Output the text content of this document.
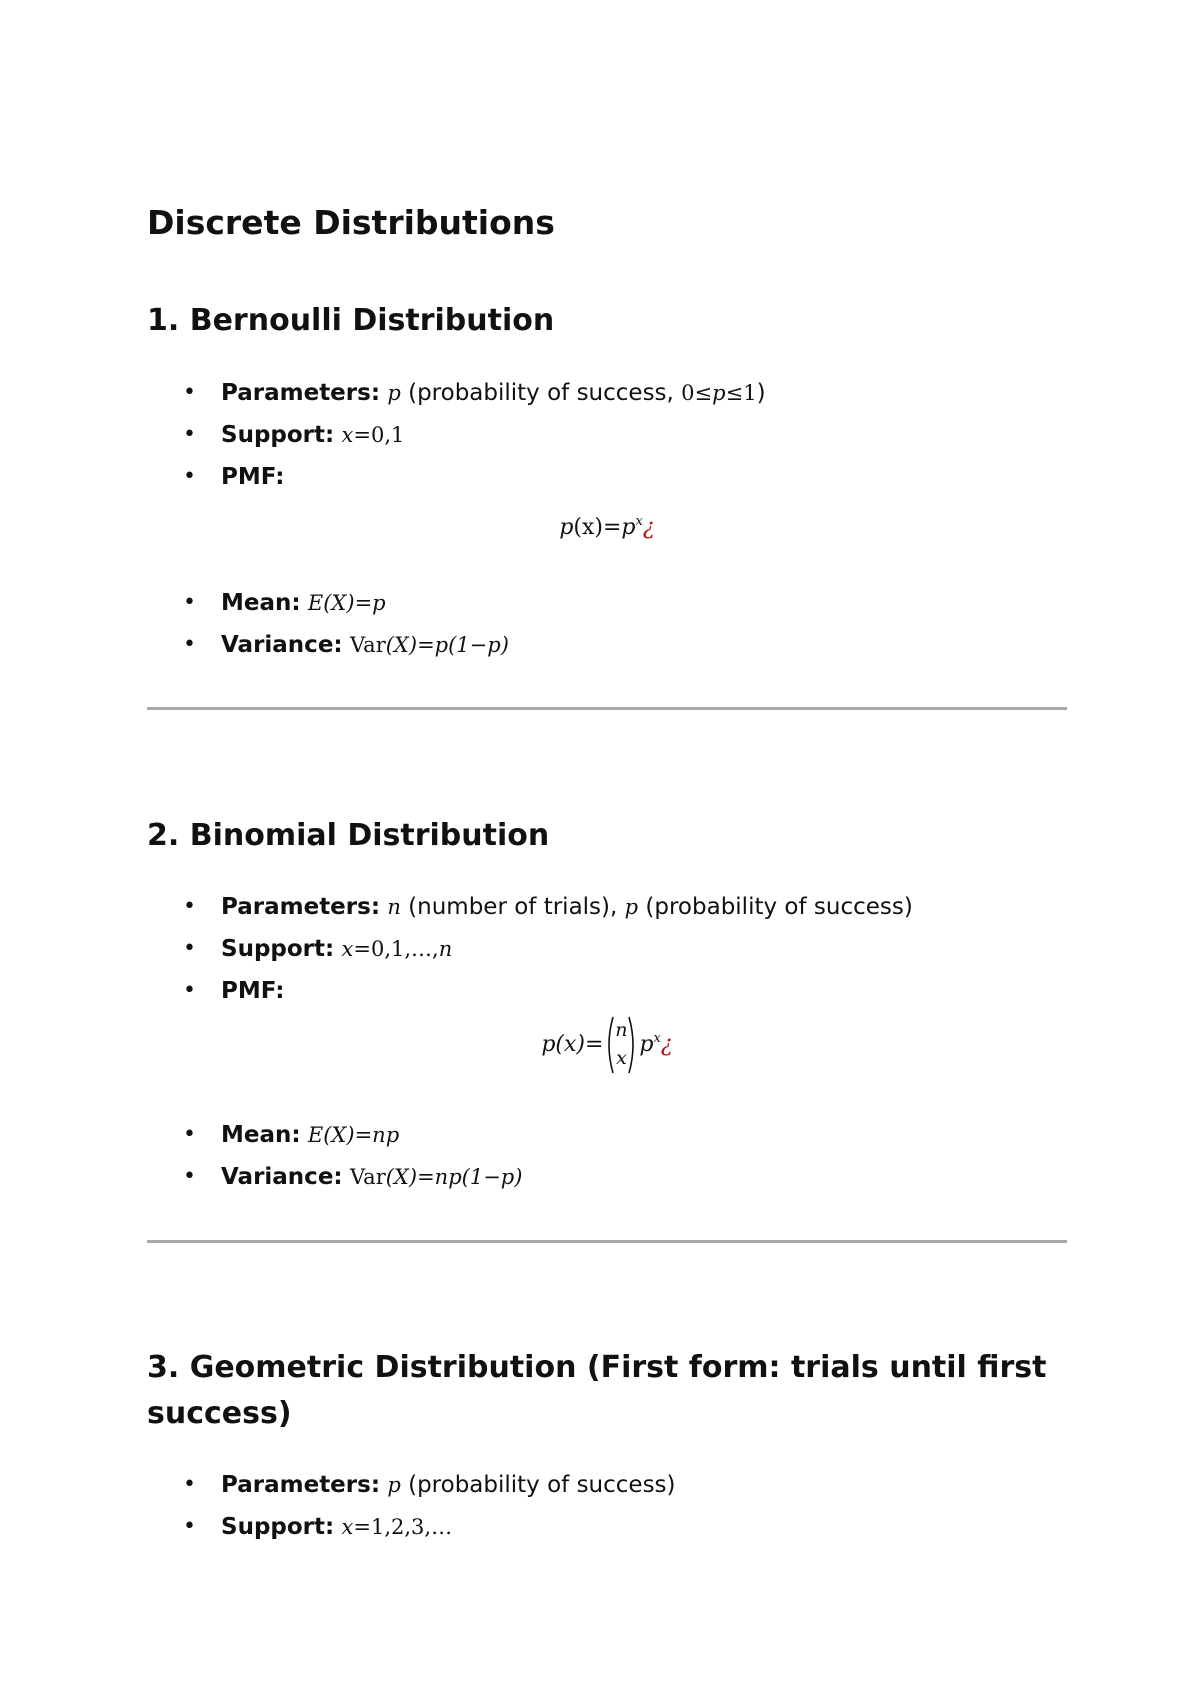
Discrete Distributions
1. Bernoulli Distribution
• Parameters: p (probability of success, 0≤p≤1)
• Support: x=0,1
• PMF:
$p(x)=p^x¿$
• Mean: E(X)=p
• Variance: Var(X)=p(1−p)
2. Binomial Distribution
• Parameters: n (number of trials), p (probability of success)
• Support: x=0,1,…,n
• PMF:
p(x)=
n
x
$p^x¿$
• Mean: E(X)=np
• Variance: Var(X)=np(1−p)
3. Geometric Distribution (First form: trials until first success)
• Parameters: p (probability of success)
• Support: x=1,2,3,…
